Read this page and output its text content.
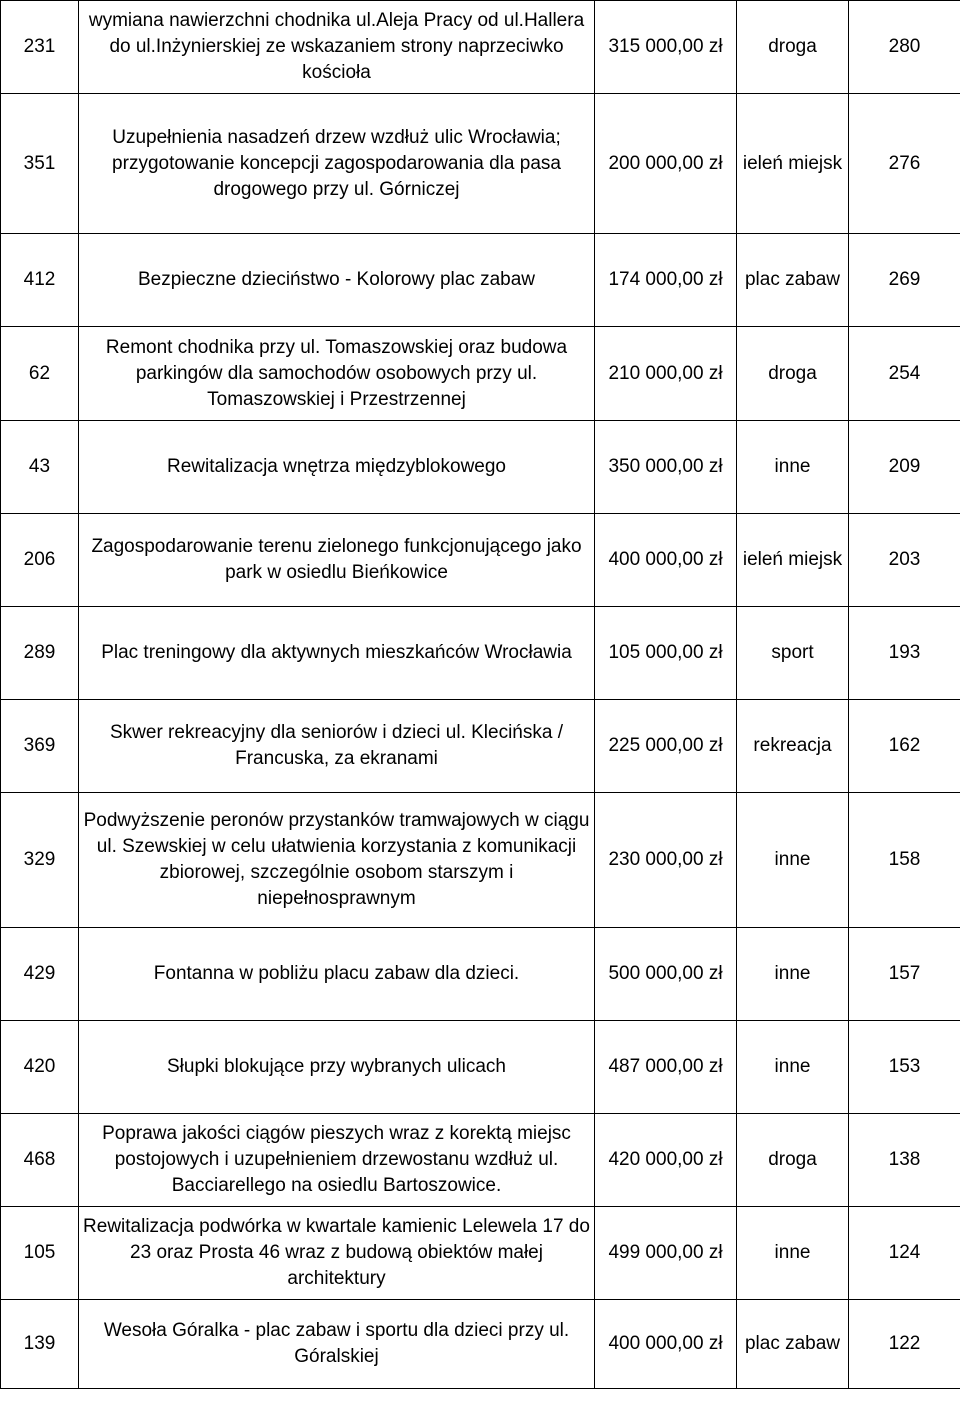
231	wymiana nawierzchni chodnika ul.Aleja Pracy od ul.Hallera do ul.Inżynierskiej ze wskazaniem strony naprzeciwko kościoła	315 000,00 zł	droga	280
351	Uzupełnienia nasadzeń drzew wzdłuż ulic Wrocławia; przygotowanie koncepcji zagospodarowania dla pasa drogowego przy ul. Górniczej	200 000,00 zł	ieleń miejsk	276
412	Bezpieczne dzieciństwo - Kolorowy plac zabaw	174 000,00 zł	plac zabaw	269
62	Remont chodnika przy ul. Tomaszowskiej oraz budowa parkingów dla samochodów osobowych przy ul. Tomaszowskiej i Przestrzennej	210 000,00 zł	droga	254
43	Rewitalizacja wnętrza międzyblokowego	350 000,00 zł	inne	209
206	Zagospodarowanie terenu zielonego funkcjonującego jako park w osiedlu Bieńkowice	400 000,00 zł	ieleń miejsk	203
289	Plac treningowy dla aktywnych mieszkańców Wrocławia	105 000,00 zł	sport	193
369	Skwer rekreacyjny dla seniorów i dzieci ul. Klecińska / Francuska, za ekranami	225 000,00 zł	rekreacja	162
329	Podwyższenie peronów przystanków tramwajowych w ciągu ul. Szewskiej w celu ułatwienia korzystania z komunikacji zbiorowej, szczególnie osobom starszym i niepełnosprawnym	230 000,00 zł	inne	158
429	Fontanna w pobliżu placu zabaw dla dzieci.	500 000,00 zł	inne	157
420	Słupki blokujące przy wybranych ulicach	487 000,00 zł	inne	153
468	Poprawa jakości ciągów pieszych wraz z korektą miejsc postojowych i uzupełnieniem drzewostanu wzdłuż ul. Bacciarellego na osiedlu Bartoszowice.	420 000,00 zł	droga	138
105	Rewitalizacja podwórka w kwartale kamienic Lelewela 17 do 23 oraz Prosta 46 wraz z budową obiektów małej architektury	499 000,00 zł	inne	124
139	Wesoła Góralka - plac zabaw i sportu dla dzieci przy ul. Góralskiej	400 000,00 zł	plac zabaw	122
